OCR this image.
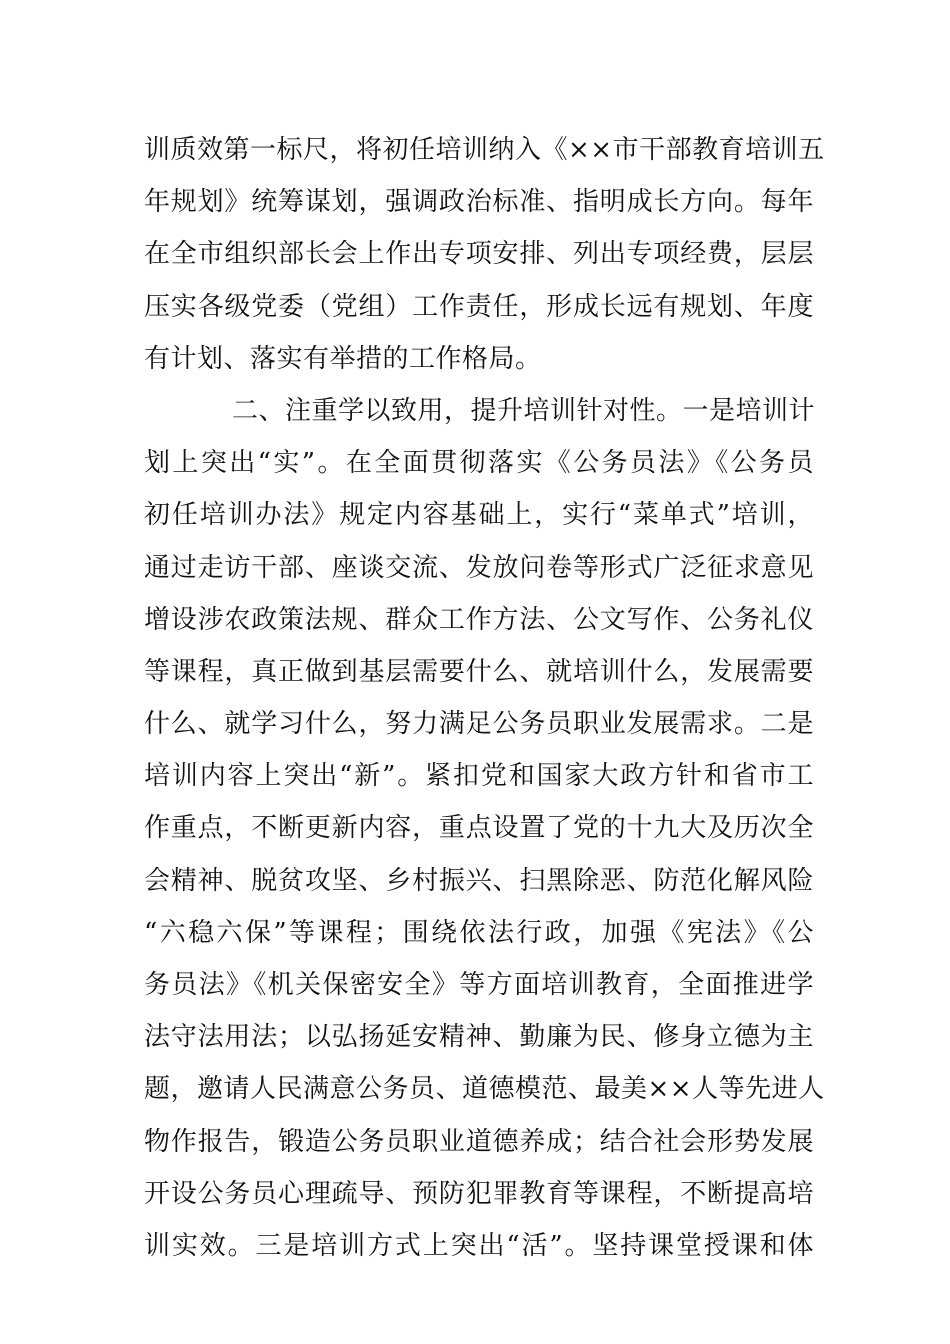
训质效第一标尺，将初任培训纳入《××市干部教育培训五
年规划》统筹谋划，强调政治标准、指明成长方向。每年
在全市组织部长会上作出专项安排、列出专项经费，层层
压实各级党委（党组）工作责任，形成长远有规划、年度
有计划、落实有举措的工作格局。
二、注重学以致用，提升培训针对性。一是培训计
划上突出“实”。在全面贯彻落实《公务员法》《公务员
初任培训办法》规定内容基础上，实行“菜单式”培训，
通过走访干部、座谈交流、发放问卷等形式广泛征求意见
增设涉农政策法规、群众工作方法、公文写作、公务礼仪
等课程，真正做到基层需要什么、就培训什么，发展需要
什么、就学习什么，努力满足公务员职业发展需求。二是
培训内容上突出“新”。紧扣党和国家大政方针和省市工
作重点，不断更新内容，重点设置了党的十九大及历次全
会精神、脱贫攻坚、乡村振兴、扫黑除恶、防范化解风险
“六稳六保”等课程；围绕依法行政，加强《宪法》《公
务员法》《机关保密安全》等方面培训教育，全面推进学
法守法用法；以弘扬延安精神、勤廉为民、修身立德为主
题，邀请人民满意公务员、道德模范、最美××人等先进人
物作报告，锻造公务员职业道德养成；结合社会形势发展
开设公务员心理疏导、预防犯罪教育等课程，不断提高培
训实效。三是培训方式上突出“活”。坚持课堂授课和体
